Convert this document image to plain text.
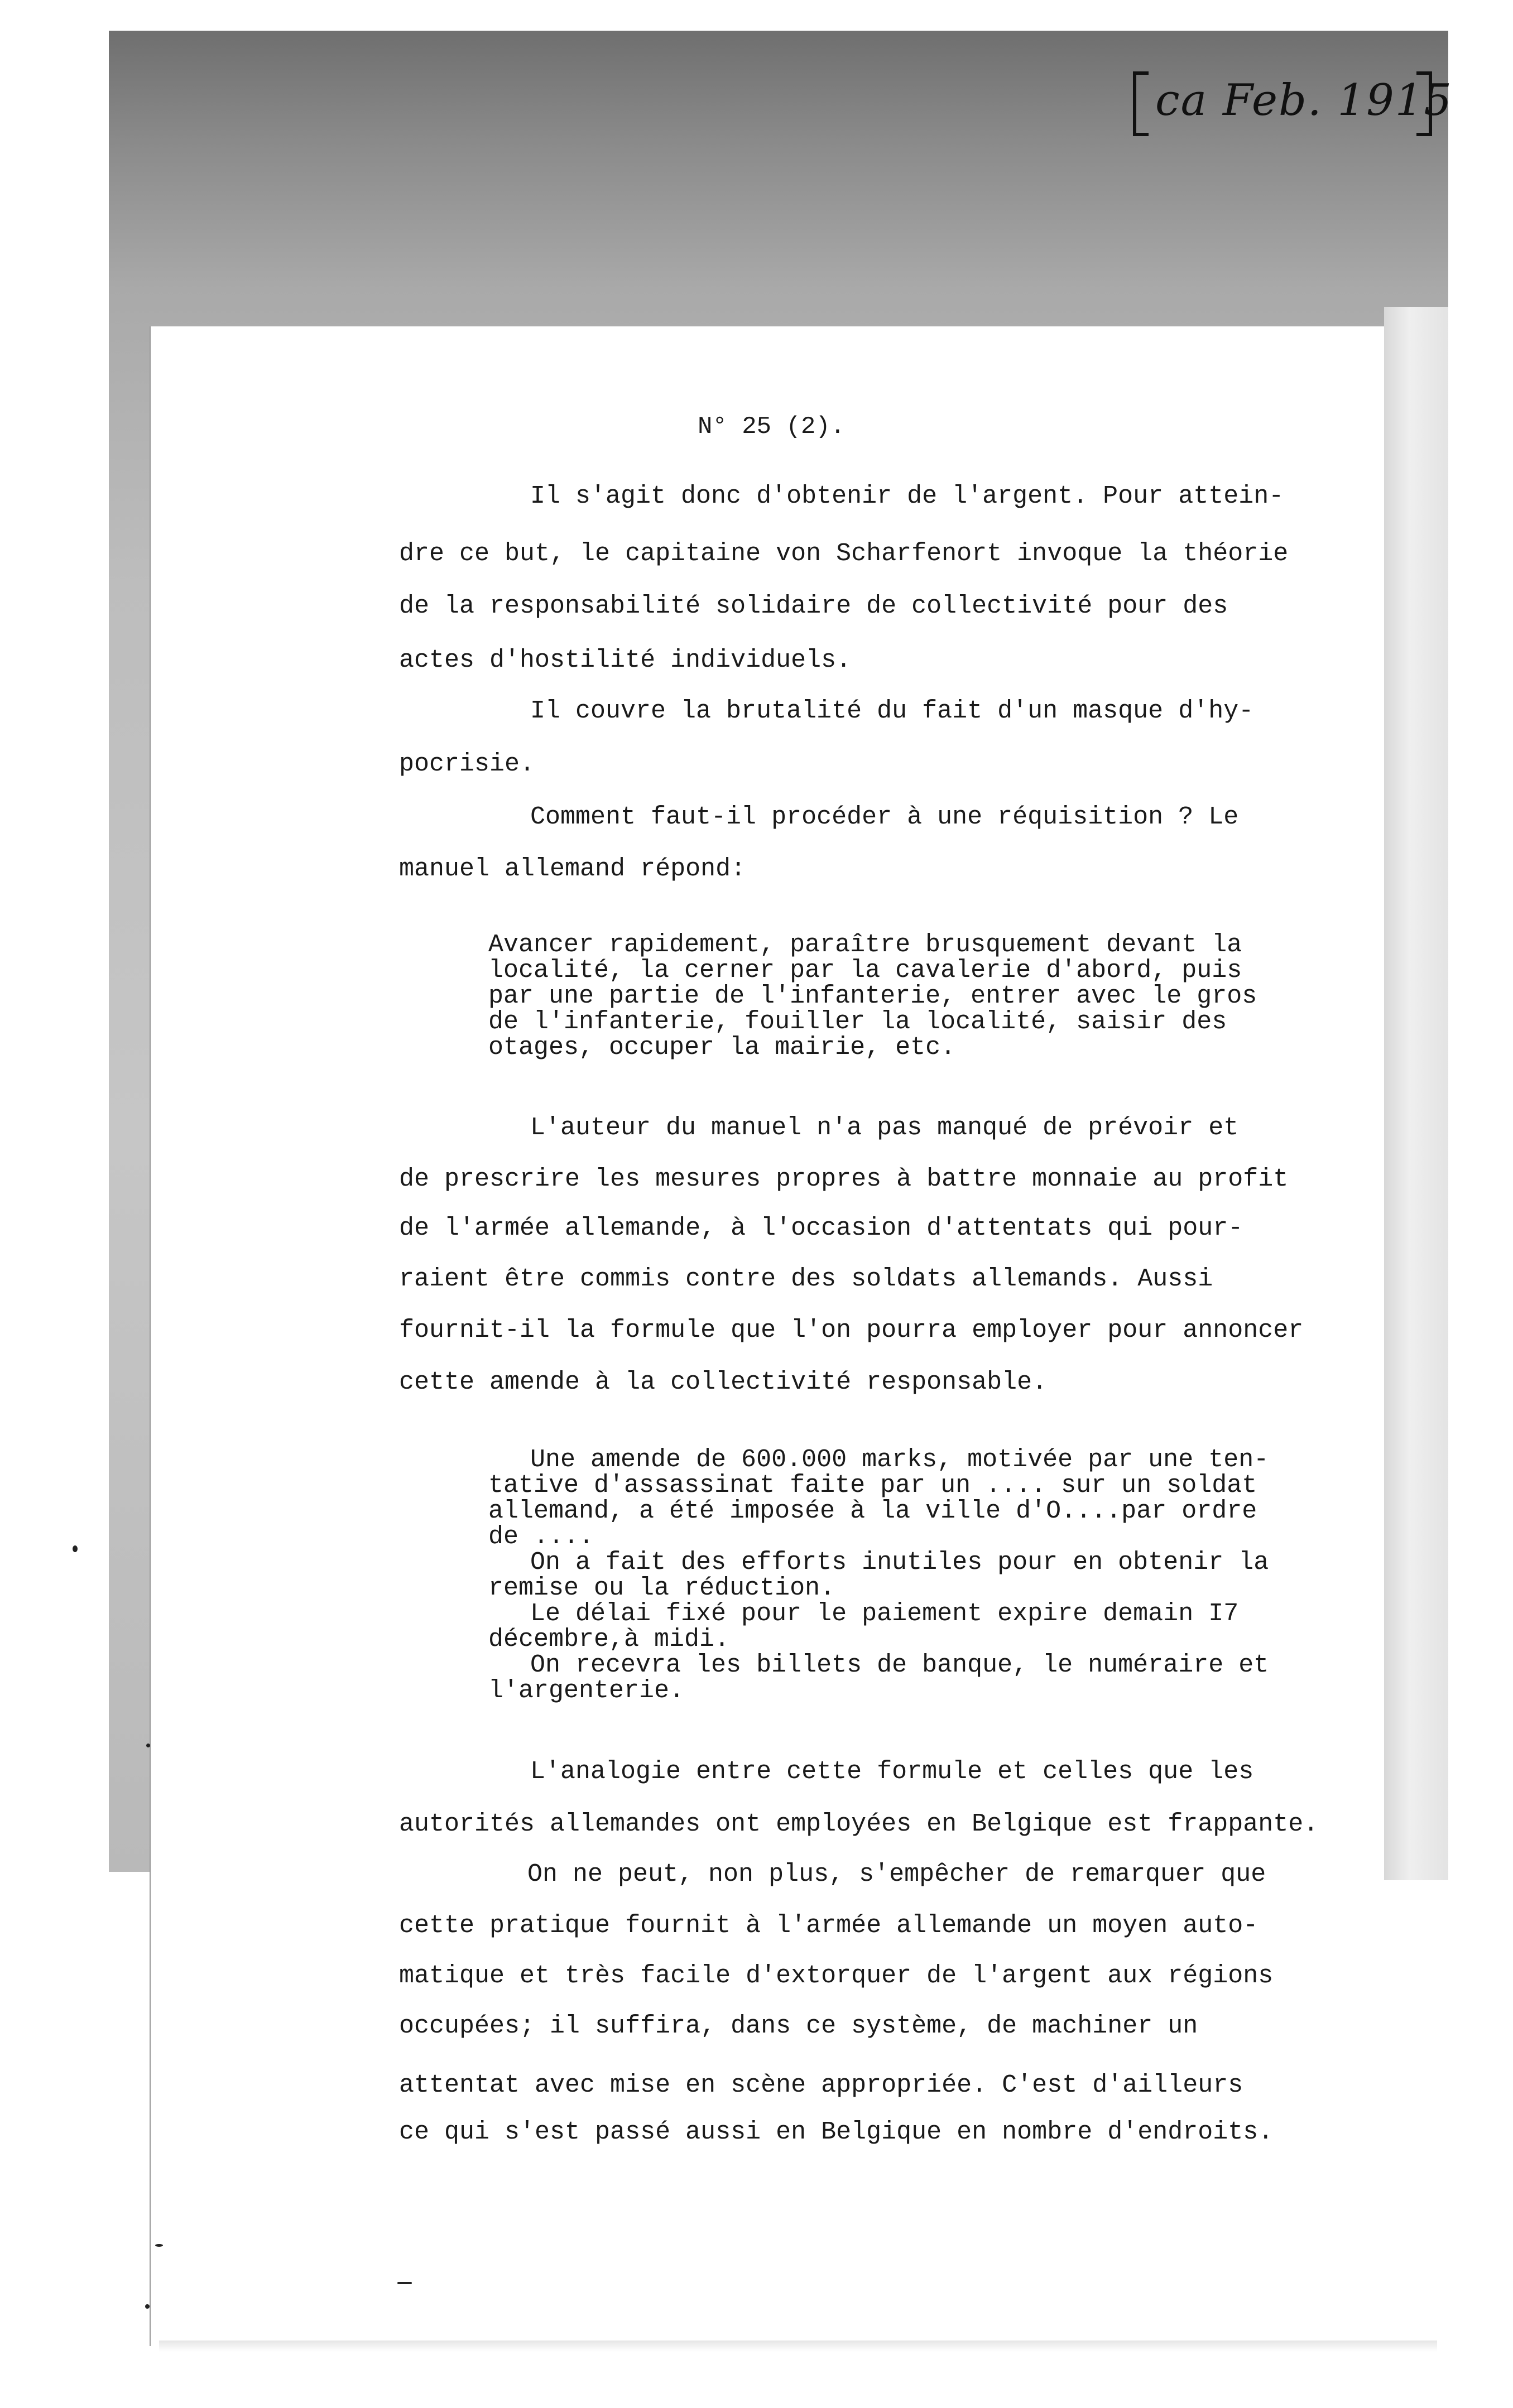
ca Feb. 1915
N° 25 (2).
Il s'agit donc d'obtenir de l'argent. Pour attein-
dre ce but, le capitaine von Scharfenort invoque la théorie
de la responsabilité solidaire de collectivité pour des
actes d'hostilité individuels.
Il couvre la brutalité du fait d'un masque d'hy-
pocrisie.
Comment faut-il procéder à une réquisition ? Le
manuel allemand répond:
Avancer rapidement, paraître brusquement devant la
localité, la cerner par la cavalerie d'abord, puis
par une partie de l'infanterie, entrer avec le gros
de l'infanterie, fouiller la localité, saisir des
otages, occuper la mairie, etc.
L'auteur du manuel n'a pas manqué de prévoir et
de prescrire les mesures propres à battre monnaie au profit
de l'armée allemande, à l'occasion d'attentats qui pour-
raient être commis contre des soldats allemands. Aussi
fournit-il la formule que l'on pourra employer pour annoncer
cette amende à la collectivité responsable.
Une amende de 600.000 marks, motivée par une ten-
tative d'assassinat faite par un .... sur un soldat
allemand, a été imposée à la ville d'O....par ordre
de ....
On a fait des efforts inutiles pour en obtenir la
remise ou la réduction.
Le délai fixé pour le paiement expire demain I7
décembre,à midi.
On recevra les billets de banque, le numéraire et
l'argenterie.
L'analogie entre cette formule et celles que les
autorités allemandes ont employées en Belgique est frappante.
On ne peut, non plus, s'empêcher de remarquer que
cette pratique fournit à l'armée allemande un moyen auto-
matique et très facile d'extorquer de l'argent aux régions
occupées; il suffira, dans ce système, de machiner un
attentat avec mise en scène appropriée. C'est d'ailleurs
ce qui s'est passé aussi en Belgique en nombre d'endroits.
